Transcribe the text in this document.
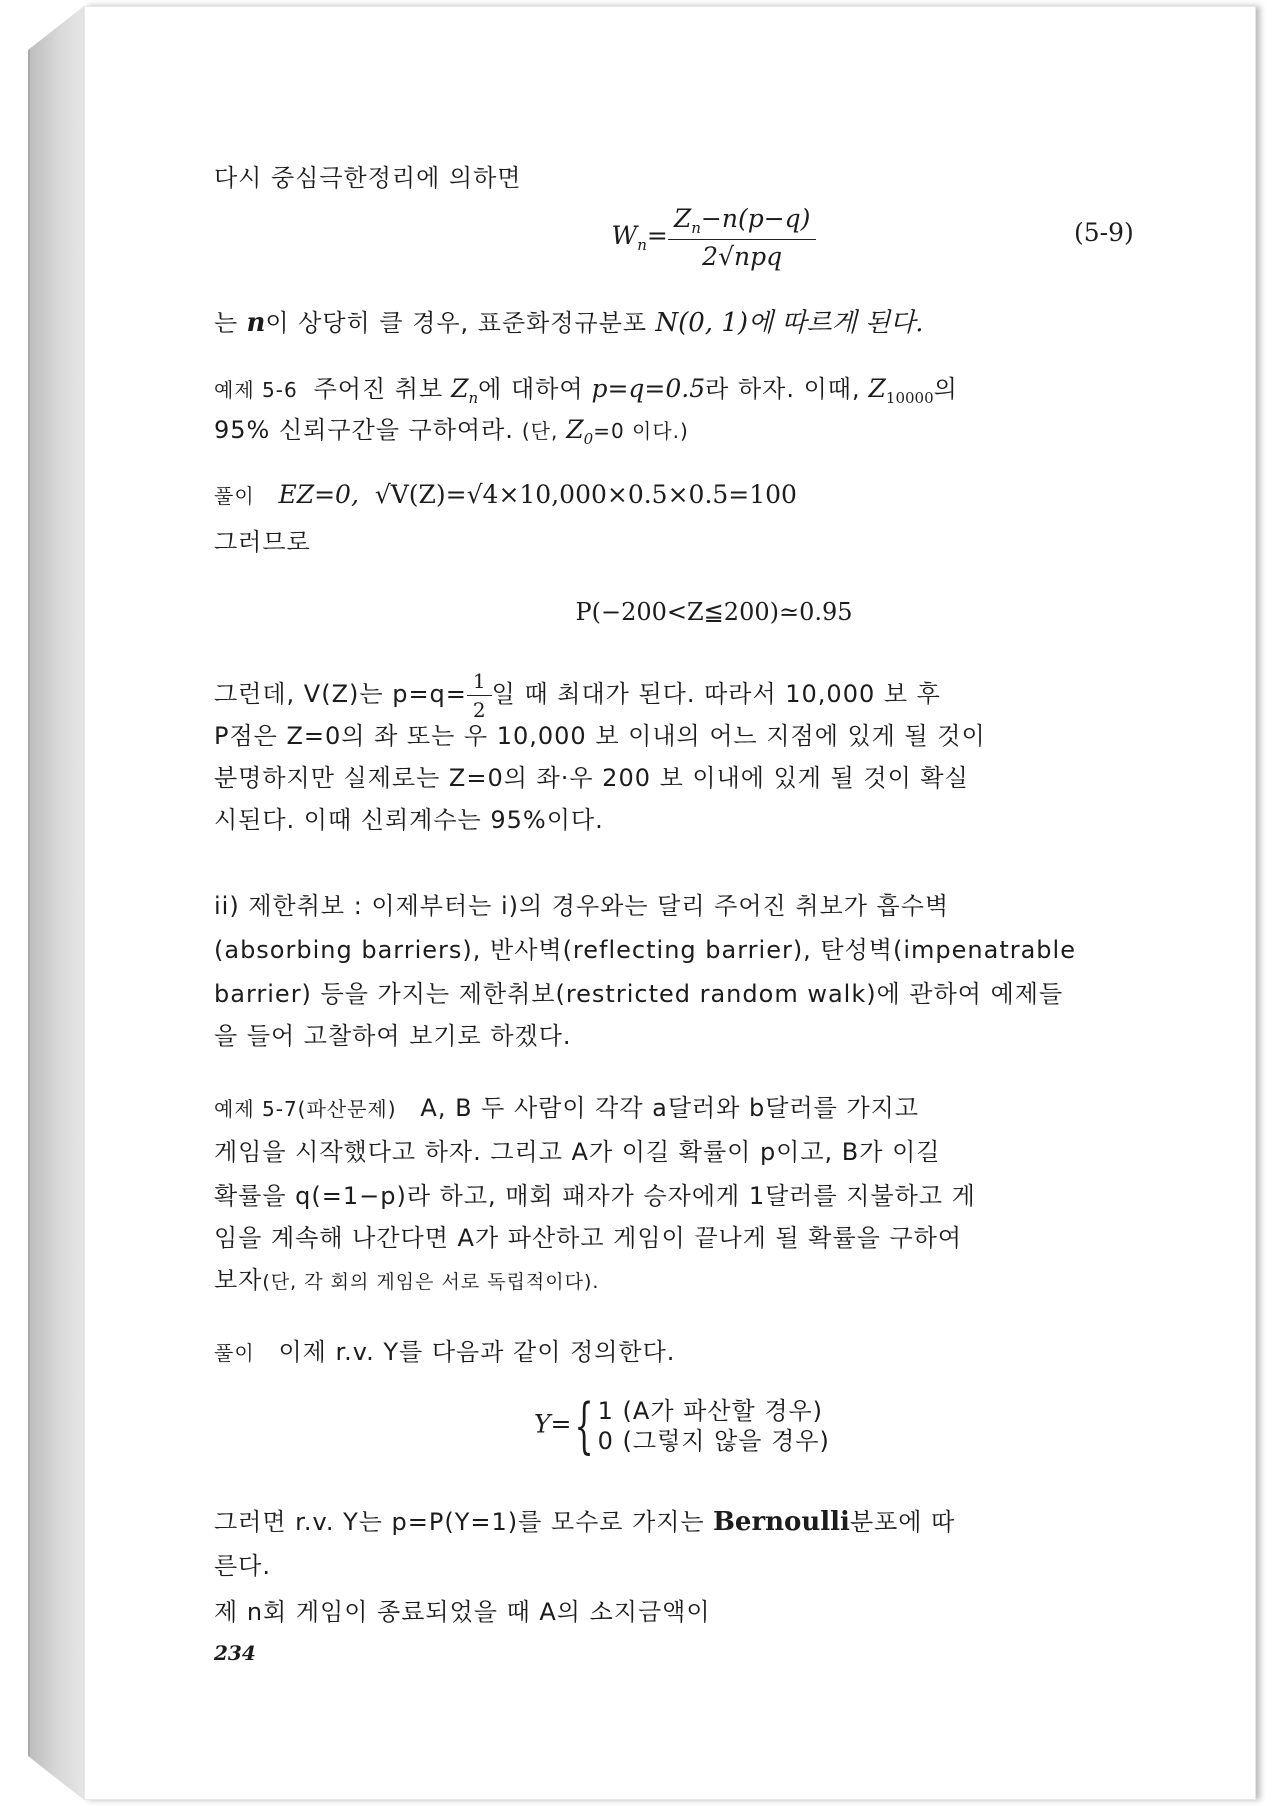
다시 중심극한정리에 의하면
$W_n= \frac{Z_n-n(p-q)}{\text{2√npq}}$	(5-9)
는 n이 상당히 클 경우, 표준화정규분포 N(0, 1)에 따르게 된다.
예제 5-6 주어진 취보 $Z_n$에 대하여 p=q=0.5라 하자. 이때, $Z_{10000}$의
95% 신뢰구간을 구하여라. (단, $Z_0=0$ 이다.)
풀이 EZ=0, √V(Z)=√4×10,000×0.5×0.5=100
그러므로
P(−200<Z≦200)≃0.95
그런데, V(Z)는 $p=q= \frac{1}{2}$ 일 때 최대가 된다. 따라서 10,000 보 후
P점은 Z=0의 좌 또는 우 10,000 보 이내의 어느 지점에 있게 될 것이
분명하지만 실제로는 Z=0의 좌·우 200 보 이내에 있게 될 것이 확실
시된다. 이때 신뢰계수는 95%이다.
ii) 제한취보 : 이제부터는 i)의 경우와는 달리 주어진 취보가 흡수벽
(absorbing barriers), 반사벽(reflecting barrier), 탄성벽(impenatrable
barrier) 등을 가지는 제한취보(restricted random walk)에 관하여 예제들
을 들어 고찰하여 보기로 하겠다.
예제 5-7(파산문제) A, B 두 사람이 각각 a달러와 b달러를 가지고
게임을 시작했다고 하자. 그리고 A가 이길 확률이 p이고, B가 이길
확률을 q(=1−p)라 하고, 매회 패자가 승자에게 1달러를 지불하고 게
임을 계속해 나간다면 A가 파산하고 게임이 끝나게 될 확률을 구하여
보자(단, 각 회의 게임은 서로 독립적이다).
풀이 이제 r.v. Y를 다음과 같이 정의한다.
Y={ 1 (A가 파산할 경우)
0 (그렇지 않을 경우)
그러면 r.v. Y는 p=P(Y=1)를 모수로 가지는 Bernoulli분포에 따
른다.
제 n회 게임이 종료되었을 때 A의 소지금액이
234
